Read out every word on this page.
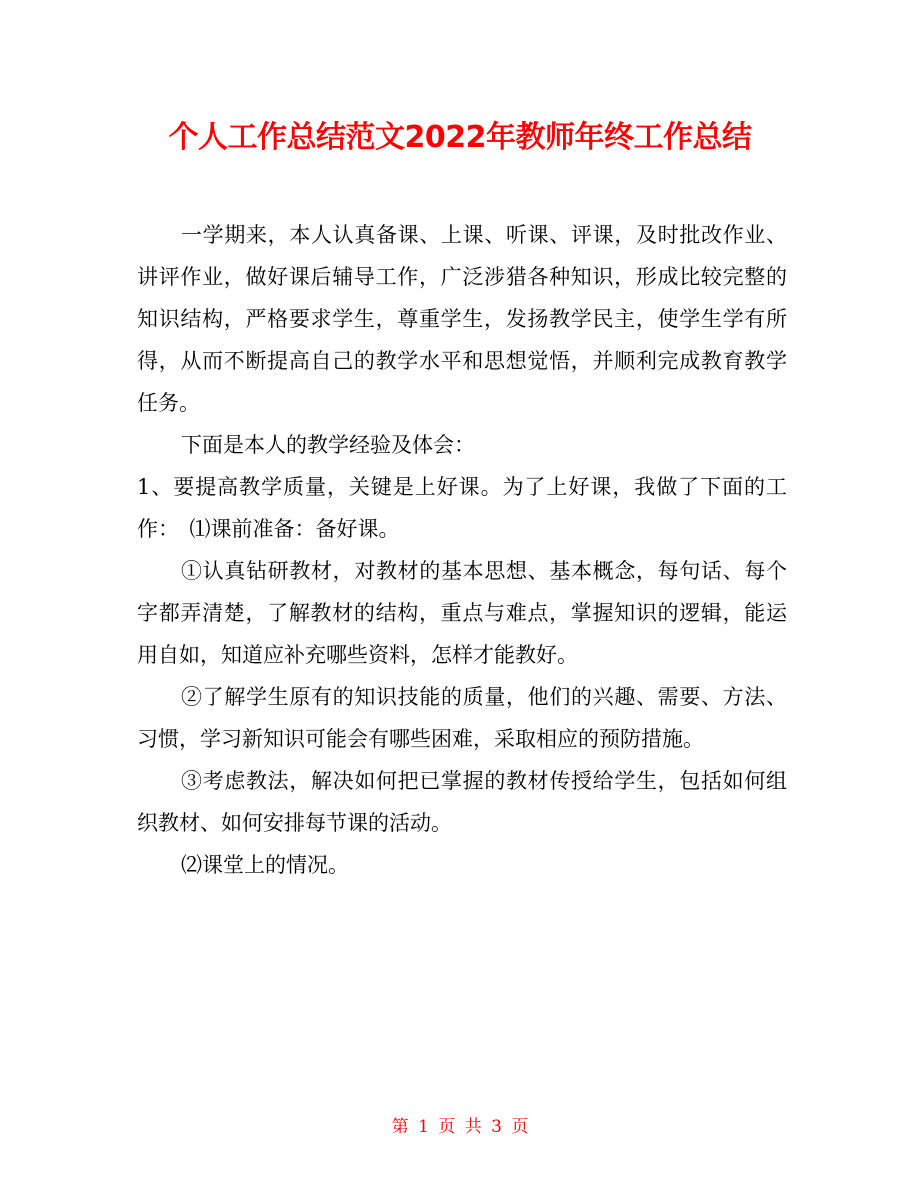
个人工作总结范文2022年教师年终工作总结

一学期来，本人认真备课、上课、听课、评课，及时批改作业、讲评作业，做好课后辅导工作，广泛涉猎各种知识，形成比较完整的知识结构，严格要求学生，尊重学生，发扬教学民主，使学生学有所得，从而不断提高自己的教学水平和思想觉悟，并顺利完成教育教学任务。

下面是本人的教学经验及体会：

1、要提高教学质量，关键是上好课。为了上好课，我做了下面的工作：　⑴课前准备：备好课。

①认真钻研教材，对教材的基本思想、基本概念，每句话、每个字都弄清楚，了解教材的结构，重点与难点，掌握知识的逻辑，能运用自如，知道应补充哪些资料，怎样才能教好。

②了解学生原有的知识技能的质量，他们的兴趣、需要、方法、习惯，学习新知识可能会有哪些困难，采取相应的预防措施。

③考虑教法，解决如何把已掌握的教材传授给学生，包括如何组织教材、如何安排每节课的活动。

⑵课堂上的情况。

第 1 页 共 3 页
